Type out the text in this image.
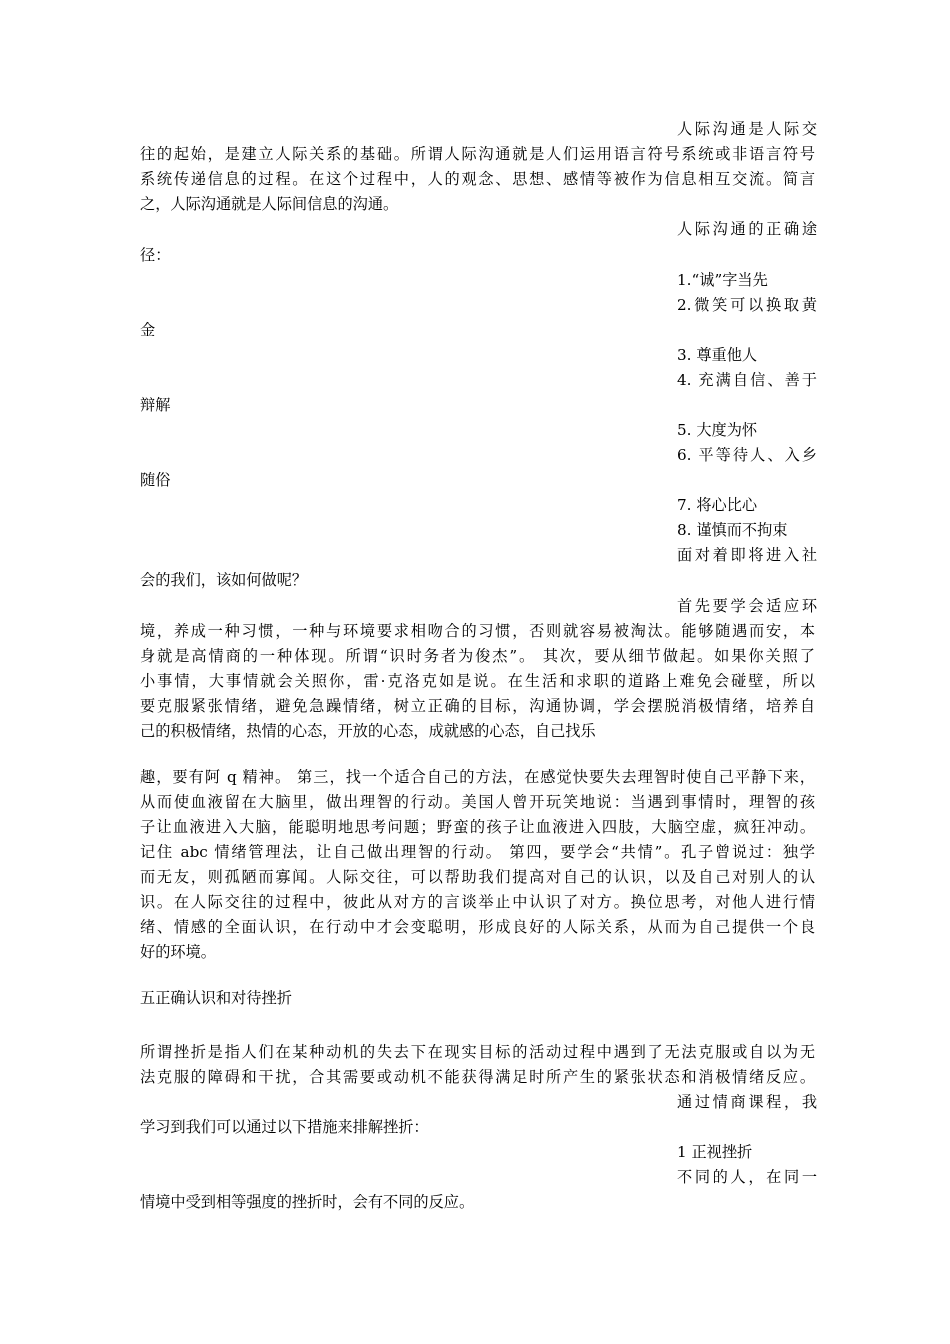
人际沟通是人际交
往的起始，是建立人际关系的基础。所谓人际沟通就是人们运用语言符号系统或非语言符号
系统传递信息的过程。在这个过程中，人的观念、思想、感情等被作为信息相互交流。简言
之，人际沟通就是人际间信息的沟通。
人际沟通的正确途
径：
1.“诚”字当先
2.微笑可以换取黄
金
3. 尊重他人
4. 充满自信、善于
辩解
5. 大度为怀
6. 平等待人、入乡
随俗
7. 将心比心
8. 谨慎而不拘束
面对着即将进入社
会的我们，该如何做呢？
首先要学会适应环
境，养成一种习惯，一种与环境要求相吻合的习惯，否则就容易被淘汰。能够随遇而安，本
身就是高情商的一种体现。所谓“识时务者为俊杰”。 其次，要从细节做起。如果你关照了
小事情，大事情就会关照你，雷·克洛克如是说。在生活和求职的道路上难免会碰壁，所以
要克服紧张情绪，避免急躁情绪，树立正确的目标，沟通协调，学会摆脱消极情绪，培养自
己的积极情绪，热情的心态，开放的心态，成就感的心态，自己找乐
趣，要有阿 q 精神。 第三，找一个适合自己的方法，在感觉快要失去理智时使自己平静下来，
从而使血液留在大脑里，做出理智的行动。美国人曾开玩笑地说：当遇到事情时，理智的孩
子让血液进入大脑，能聪明地思考问题；野蛮的孩子让血液进入四肢，大脑空虚，疯狂冲动。
记住 abc 情绪管理法，让自己做出理智的行动。 第四，要学会“共情”。孔子曾说过：独学
而无友，则孤陋而寡闻。人际交往，可以帮助我们提高对自己的认识，以及自己对别人的认
识。在人际交往的过程中，彼此从对方的言谈举止中认识了对方。换位思考，对他人进行情
绪、情感的全面认识，在行动中才会变聪明，形成良好的人际关系，从而为自己提供一个良
好的环境。
五正确认识和对待挫折
所谓挫折是指人们在某种动机的失去下在现实目标的活动过程中遇到了无法克服或自以为无
法克服的障碍和干扰，合其需要或动机不能获得满足时所产生的紧张状态和消极情绪反应。
通过情商课程，我
学习到我们可以通过以下措施来排解挫折：
1 正视挫折
不同的人，在同一
情境中受到相等强度的挫折时，会有不同的反应。
